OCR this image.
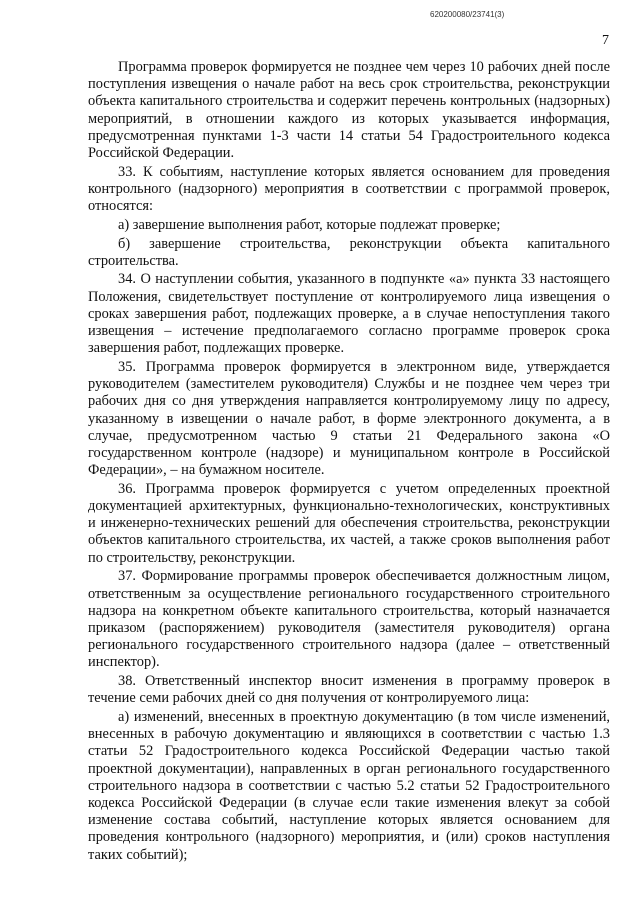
620200080/23741(3)
7

Программа проверок формируется не позднее чем через 10 рабочих дней после поступления извещения о начале работ на весь срок строительства, реконструкции объекта капитального строительства и содержит перечень контрольных (надзорных) мероприятий, в отношении каждого из которых указывается информация, предусмотренная пунктами 1-3 части 14 статьи 54 Градостроительного кодекса Российской Федерации.

33. К событиям, наступление которых является основанием для проведения контрольного (надзорного) мероприятия в соответствии с программой проверок, относятся:

а) завершение выполнения работ, которые подлежат проверке;

б) завершение строительства, реконструкции объекта капитального строительства.

34. О наступлении события, указанного в подпункте «а» пункта 33 настоящего Положения, свидетельствует поступление от контролируемого лица извещения о сроках завершения работ, подлежащих проверке, а в случае непоступления такого извещения – истечение предполагаемого согласно программе проверок срока завершения работ, подлежащих проверке.

35. Программа проверок формируется в электронном виде, утверждается руководителем (заместителем руководителя) Службы и не позднее чем через три рабочих дня со дня утверждения направляется контролируемому лицу по адресу, указанному в извещении о начале работ, в форме электронного документа, а в случае, предусмотренном частью 9 статьи 21 Федерального закона «О государственном контроле (надзоре) и муниципальном контроле в Российской Федерации», – на бумажном носителе.

36. Программа проверок формируется с учетом определенных проектной документацией архитектурных, функционально-технологических, конструктивных и инженерно-технических решений для обеспечения строительства, реконструкции объектов капитального строительства, их частей, а также сроков выполнения работ по строительству, реконструкции.

37. Формирование программы проверок обеспечивается должностным лицом, ответственным за осуществление регионального государственного строительного надзора на конкретном объекте капитального строительства, который назначается приказом (распоряжением) руководителя (заместителя руководителя) органа регионального государственного строительного надзора (далее – ответственный инспектор).

38. Ответственный инспектор вносит изменения в программу проверок в течение семи рабочих дней со дня получения от контролируемого лица:

а) изменений, внесенных в проектную документацию (в том числе изменений, внесенных в рабочую документацию и являющихся в соответствии с частью 1.3 статьи 52 Градостроительного кодекса Российской Федерации частью такой проектной документации), направленных в орган регионального государственного строительного надзора в соответствии с частью 5.2 статьи 52 Градостроительного кодекса Российской Федерации (в случае если такие изменения влекут за собой изменение состава событий, наступление которых является основанием для проведения контрольного (надзорного) мероприятия, и (или) сроков наступления таких событий);
